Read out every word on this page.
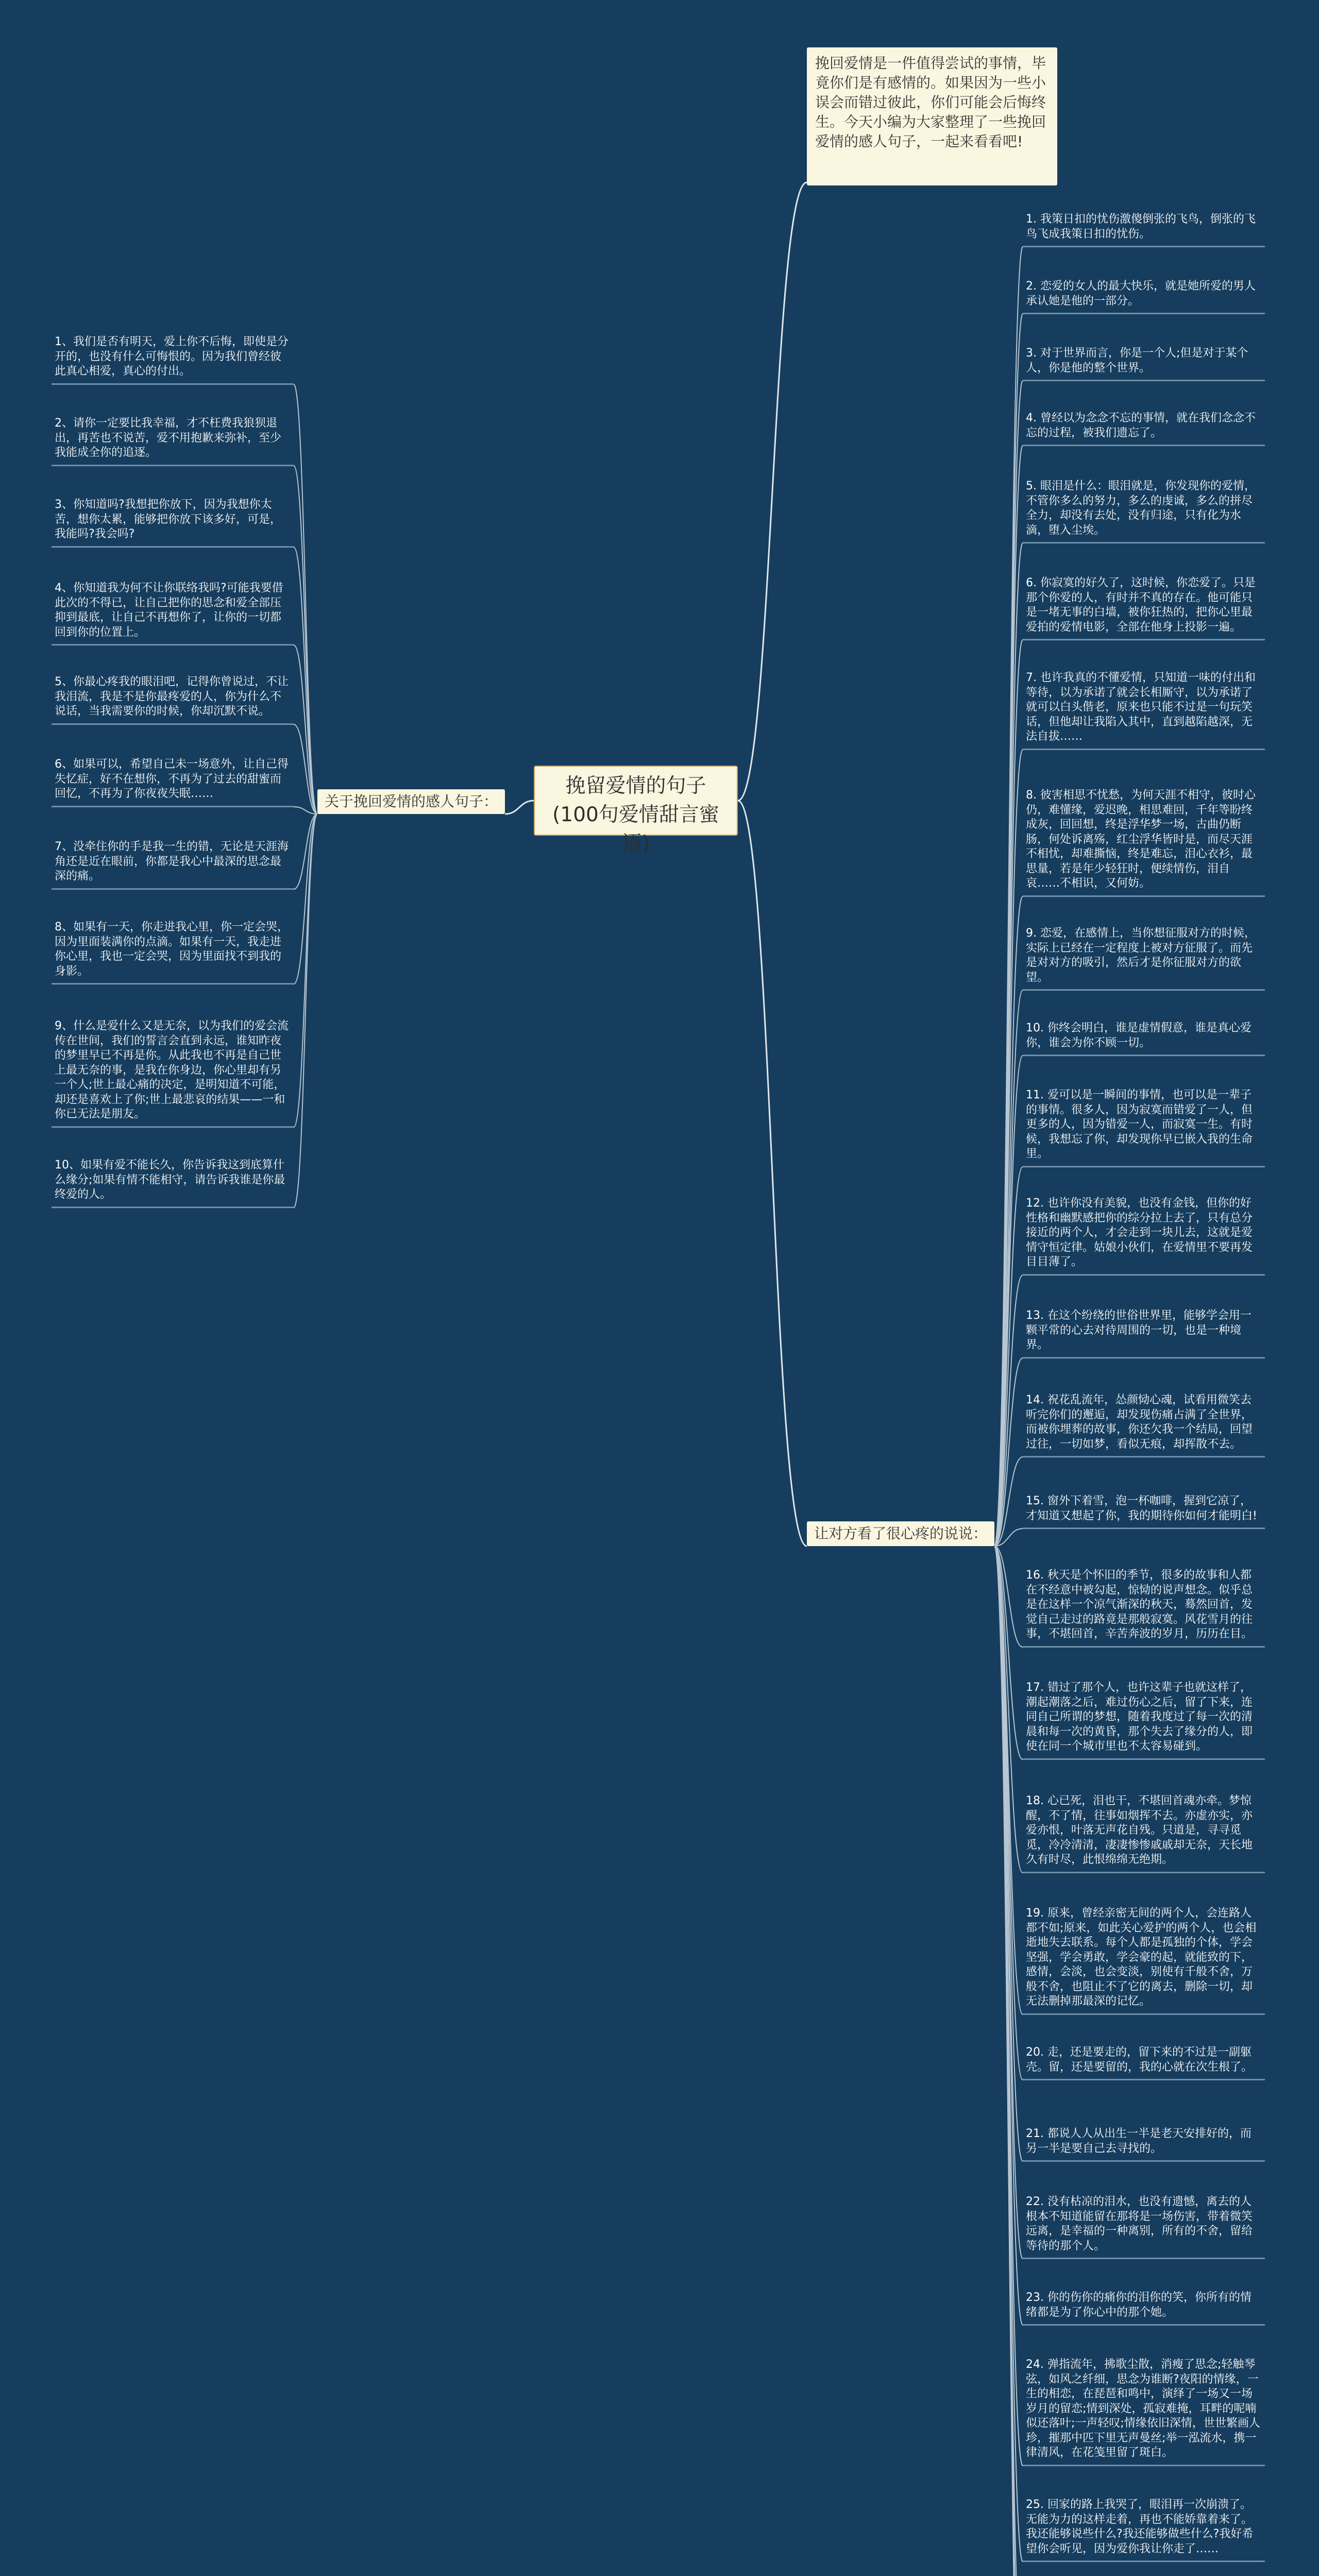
挽回爱情是一件值得尝试的事情，毕竟你们是有感情的。如果因为一些小误会而错过彼此，你们可能会后悔终生。今天小编为大家整理了一些挽回爱情的感人句子，一起来看看吧!
挽留爱情的句子(100句爱情甜言蜜语)
关于挽回爱情的感人句子：
让对方看了很心疼的说说：
1、我们是否有明天，爱上你不后悔，即使是分开的，也没有什么可悔恨的。因为我们曾经彼此真心相爱，真心的付出。
2、请你一定要比我幸福，才不枉费我狼狈退出，再苦也不说苦，爱不用抱歉来弥补，至少我能成全你的追逐。
3、你知道吗?我想把你放下，因为我想你太苦，想你太累，能够把你放下该多好，可是，我能吗?我会吗?
4、你知道我为何不让你联络我吗?可能我要借此次的不得已，让自己把你的思念和爱全部压抑到最底，让自己不再想你了，让你的一切都回到你的位置上。
5、你最心疼我的眼泪吧，记得你曾说过，不让我泪流，我是不是你最疼爱的人，你为什么不说话，当我需要你的时候，你却沉默不说。
6、如果可以，希望自己未一场意外，让自己得失忆症，好不在想你，不再为了过去的甜蜜而回忆，不再为了你夜夜失眠……
7、没牵住你的手是我一生的错，无论是天涯海角还是近在眼前，你都是我心中最深的思念最深的痛。
8、如果有一天，你走进我心里，你一定会哭，因为里面装满你的点滴。如果有一天，我走进你心里，我也一定会哭，因为里面找不到我的身影。
9、什么是爱什么又是无奈，以为我们的爱会流传在世间，我们的誓言会直到永远，谁知昨夜的梦里早已不再是你。从此我也不再是自己世上最无奈的事，是我在你身边，你心里却有另一个人;世上最心痛的决定，是明知道不可能，却还是喜欢上了你;世上最悲哀的结果——一和你已无法是朋友。
10、如果有爱不能长久，你告诉我这到底算什么缘分;如果有情不能相守，请告诉我谁是你最终爱的人。
1. 我策日扣的忧伤激傻倒张的飞鸟，倒张的飞鸟飞成我策日扣的忧伤。
2. 恋爱的女人的最大快乐，就是她所爱的男人承认她是他的一部分。
3. 对于世界而言，你是一个人;但是对于某个人，你是他的整个世界。
4. 曾经以为念念不忘的事情，就在我们念念不忘的过程，被我们遗忘了。
5. 眼泪是什么：眼泪就是，你发现你的爱情，不管你多么的努力，多么的虔诚，多么的拼尽全力，却没有去处，没有归途，只有化为水滴，堕入尘埃。
6. 你寂寞的好久了，这时候，你恋爱了。只是那个你爱的人，有时并不真的存在。他可能只是一堵无事的白墙，被你狂热的，把你心里最爱拍的爱情电影，全部在他身上投影一遍。
7. 也许我真的不懂爱情，只知道一味的付出和等待，以为承诺了就会长相厮守，以为承诺了就可以白头偕老，原来也只能不过是一句玩笑话，但他却让我陷入其中，直到越陷越深，无法自拔……
8. 彼害相思不忧愁，为何天涯不相守，彼时心仍，难懂缘，爱迟晚，相思难回，千年等盼终成灰，回回想，终是浮华梦一场，古曲仍断肠，何处诉离殇，红尘浮华皆时是，而尽天涯不相忧，却难撕恼，终是难忘，泪心衣衫，最思量，若是年少轻狂时，便续情伤，泪自哀……不相识，又何妨。
9. 恋爱，在感情上，当你想征服对方的时候，实际上已经在一定程度上被对方征服了。而先是对对方的吸引，然后才是你征服对方的欲望。
10. 你终会明白，谁是虚情假意，谁是真心爱你，谁会为你不顾一切。
11. 爱可以是一瞬间的事情，也可以是一辈子的事情。很多人，因为寂寞而错爱了一人，但更多的人，因为错爱一人，而寂寞一生。有时候，我想忘了你，却发现你早已嵌入我的生命里。
12. 也许你没有美貌，也没有金钱，但你的好性格和幽默感把你的综分拉上去了，只有总分接近的两个人，才会走到一块儿去，这就是爱情守恒定律。姑娘小伙们，在爱情里不要再发目目薄了。
13. 在这个纷绕的世俗世界里，能够学会用一颗平常的心去对待周围的一切，也是一种境界。
14. 祝花乱流年，怂颜恸心魂，试看用微笑去听完你们的邂逅，却发现伤痛占满了全世界，而被你埋葬的故事，你还欠我一个结局，回望过往，一切如梦，看似无痕，却挥散不去。
15. 窗外下着雪，泡一杯咖啡，握到它凉了，才知道又想起了你，我的期待你如何才能明白!
16. 秋天是个怀旧的季节，很多的故事和人都在不经意中被勾起，惊恸的说声想念。似乎总是在这样一个凉气渐深的秋天，蓦然回首，发觉自己走过的路竟是那般寂寞。风花雪月的往事，不堪回首，辛苦奔波的岁月，历历在目。
17. 错过了那个人，也许这辈子也就这样了，潮起潮落之后，难过伤心之后，留了下来，连同自己所谓的梦想，随着我度过了每一次的清晨和每一次的黄昏，那个失去了缘分的人，即使在同一个城市里也不太容易碰到。
18. 心已死，泪也干，不堪回首魂亦牵。梦惊醒，不了情，往事如烟挥不去。亦虚亦实，亦爱亦恨，叶落无声花自残。只道是，寻寻觅觅，冷冷清清，凄凄惨惨戚戚却无奈，天长地久有时尽，此恨绵绵无绝期。
19. 原来，曾经亲密无间的两个人，会连路人都不如;原来，如此关心爱护的两个人，也会相逝地失去联系。每个人都是孤独的个体，学会坚强，学会勇敢，学会豪的起，就能致的下，感情，会淡，也会变淡，别使有千般不舍，万般不舍，也阻止不了它的离去，删除一切，却无法删掉那最深的记忆。
20. 走，还是要走的，留下来的不过是一副躯壳。留，还是要留的，我的心就在次生根了。
21. 都说人人从出生一半是老天安排好的，而另一半是要自己去寻找的。
22. 没有枯凉的泪水，也没有遗憾，离去的人根本不知道能留在那将是一场伤害，带着微笑远离，是幸福的一种离别，所有的不舍，留给等待的那个人。
23. 你的伤你的痛你的泪你的笑，你所有的情绪都是为了你心中的那个她。
24. 弹指流年，拂歌尘散，消瘦了思念;轻触琴弦，如风之纤细，思念为谁断?夜阳的情缘，一生的相恋，在琵琶和鸣中，演绎了一场又一场岁月的留恋;情到深处，孤寂难掩，耳畔的呢喃似还落叶;一声轻叹;情缘依旧深情，世世繁画人珍，摧那中匹下里无声曼丝;举一泓流水，携一律清风，在花笺里留了斑白。
25. 回家的路上我哭了，眼泪再一次崩溃了。无能为力的这样走着，再也不能娇靠着来了。我还能够说些什么?我还能够做些什么?我好希望你会听见，因为爱你我让你走了……
